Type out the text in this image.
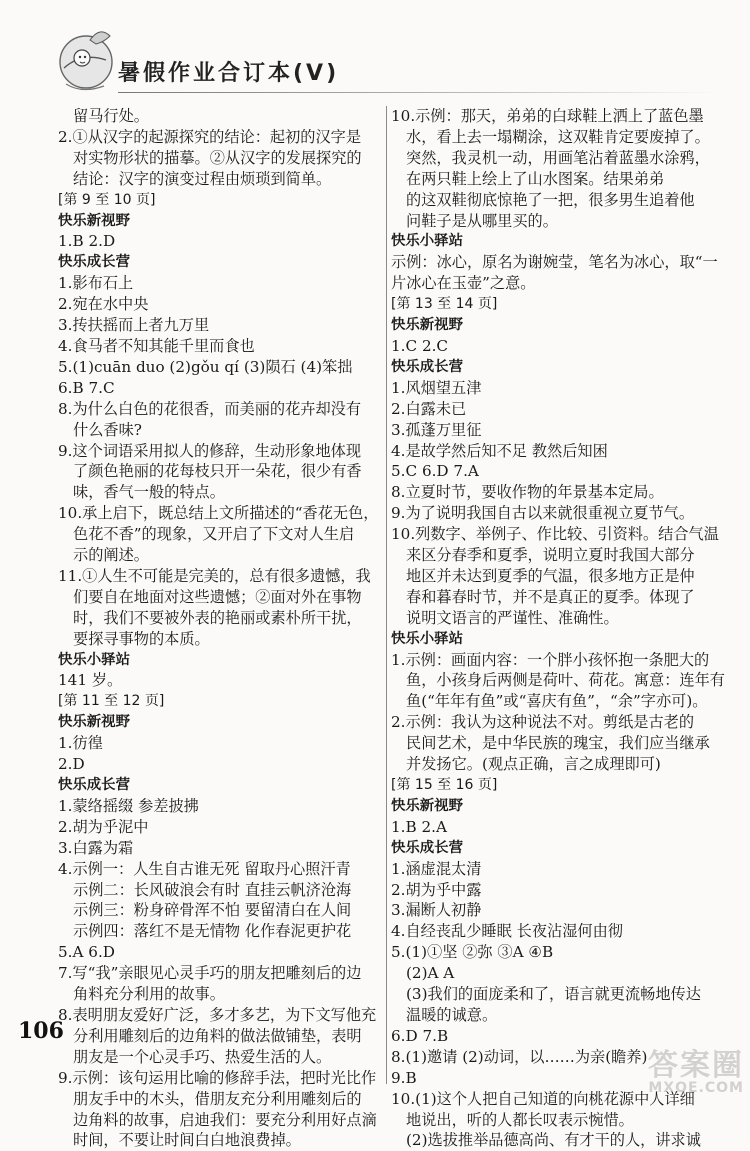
暑假作业合订本(Ⅴ)
留马行处。
2.①从汉字的起源探究的结论：起初的汉字是
对实物形状的描摹。②从汉字的发展探究的
结论：汉字的演变过程由烦琐到简单。
[第 9 至 10 页]
快乐新视野
1.B 2.D
快乐成长营
1.影布石上
2.宛在水中央
3.抟扶摇而上者九万里
4.食马者不知其能千里而食也
5.(1)cuān duo (2)gǒu qí (3)陨石 (4)笨拙
6.B 7.C
8.为什么白色的花很香，而美丽的花卉却没有
什么香味?
9.这个词语采用拟人的修辞，生动形象地体现
了颜色艳丽的花每枝只开一朵花，很少有香
味，香气一般的特点。
10.承上启下，既总结上文所描述的“香花无色，
色花不香”的现象，又开启了下文对人生启
示的阐述。
11.①人生不可能是完美的，总有很多遗憾，我
们要自在地面对这些遗憾；②面对外在事物
时，我们不要被外表的艳丽或素朴所干扰，
要探寻事物的本质。
快乐小驿站
141 岁。
[第 11 至 12 页]
快乐新视野
1.彷徨
2.D
快乐成长营
1.蒙络摇缀 参差披拂
2.胡为乎泥中
3.白露为霜
4.示例一：人生自古谁无死 留取丹心照汗青
示例二：长风破浪会有时 直挂云帆济沧海
示例三：粉身碎骨浑不怕 要留清白在人间
示例四：落红不是无情物 化作春泥更护花
5.A 6.D
7.写“我”亲眼见心灵手巧的朋友把雕刻后的边
角料充分利用的故事。
8.表明朋友爱好广泛，多才多艺，为下文写他充
分利用雕刻后的边角料的做法做铺垫，表明
朋友是一个心灵手巧、热爱生活的人。
9.示例：该句运用比喻的修辞手法，把时光比作
朋友手中的木头，借朋友充分利用雕刻后的
边角料的故事，启迪我们：要充分利用好点滴
时间，不要让时间白白地浪费掉。
10.示例：那天，弟弟的白球鞋上洒上了蓝色墨
水，看上去一塌糊涂，这双鞋肯定要废掉了。
突然，我灵机一动，用画笔沾着蓝墨水涂鸦，
在两只鞋上绘上了山水图案。结果弟弟
的这双鞋彻底惊艳了一把，很多男生追着他
问鞋子是从哪里买的。
快乐小驿站
示例：冰心，原名为谢婉莹，笔名为冰心，取“一
片冰心在玉壶”之意。
[第 13 至 14 页]
快乐新视野
1.C 2.C
快乐成长营
1.风烟望五津
2.白露未已
3.孤蓬万里征
4.是故学然后知不足 教然后知困
5.C 6.D 7.A
8.立夏时节，要收作物的年景基本定局。
9.为了说明我国自古以来就很重视立夏节气。
10.列数字、举例子、作比较、引资料。结合气温
来区分春季和夏季，说明立夏时我国大部分
地区并未达到夏季的气温，很多地方正是仲
春和暮春时节，并不是真正的夏季。体现了
说明文语言的严谨性、准确性。
快乐小驿站
1.示例：画面内容：一个胖小孩怀抱一条肥大的
鱼，小孩身后两侧是荷叶、荷花。寓意：连年有
鱼(“年年有鱼”或“喜庆有鱼”，“余”字亦可)。
2.示例：我认为这种说法不对。剪纸是古老的
民间艺术，是中华民族的瑰宝，我们应当继承
并发扬它。(观点正确，言之成理即可)
[第 15 至 16 页]
快乐新视野
1.B 2.A
快乐成长营
1.涵虚混太清
2.胡为乎中露
3.漏断人初静
4.自经丧乱少睡眠 长夜沾湿何由彻
5.(1)①坚 ②弥 ③A ④B
(2)A A
(3)我们的面庞柔和了，语言就更流畅地传达
温暖的诚意。
6.D 7.B
8.(1)邀请 (2)动词，以……为亲(瞻养)
9.B
10.(1)这个人把自己知道的向桃花源中人详细
地说出，听的人都长叹表示惋惜。
(2)选拔推举品德高尚、有才干的人，讲求诚
106
答案圈
MXQE.COM
